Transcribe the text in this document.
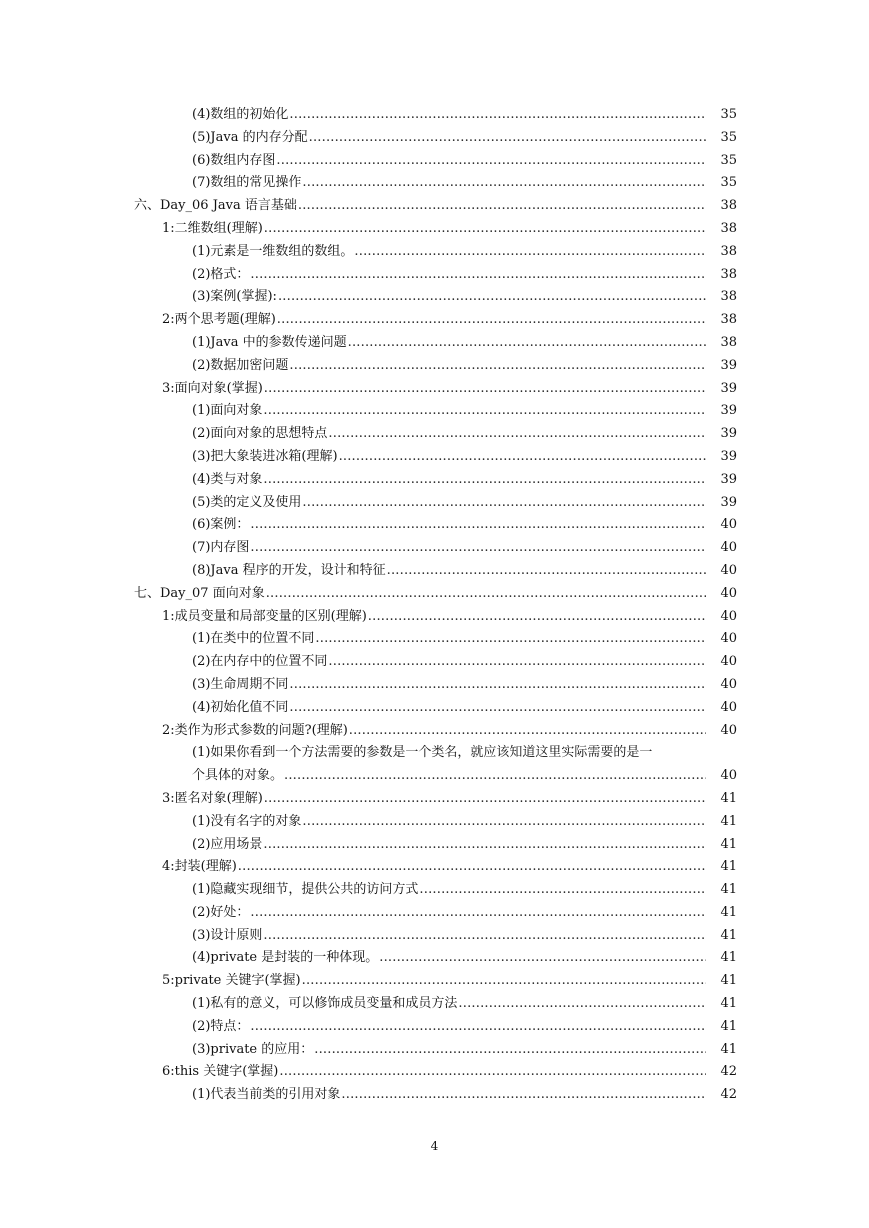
(4)数组的初始化 .....	35
(5)Java 的内存分配 .....	35
(6)数组内存图 .....	35
(7)数组的常见操作 .....	35
六、Day_06 Java 语言基础 .....	38
1:二维数组(理解) .....	38
(1)元素是一维数组的数组。 .....	38
(2)格式： .....	38
(3)案例(掌握): .....	38
2:两个思考题(理解) .....	38
(1)Java 中的参数传递问题 .....	38
(2)数据加密问题 .....	39
3:面向对象(掌握) .....	39
(1)面向对象 .....	39
(2)面向对象的思想特点 .....	39
(3)把大象装进冰箱(理解) .....	39
(4)类与对象 .....	39
(5)类的定义及使用 .....	39
(6)案例： .....	40
(7)内存图 .....	40
(8)Java 程序的开发，设计和特征 .....	40
七、Day_07 面向对象 .....	40
1:成员变量和局部变量的区别(理解) .....	40
(1)在类中的位置不同 .....	40
(2)在内存中的位置不同 .....	40
(3)生命周期不同 .....	40
(4)初始化值不同 .....	40
2:类作为形式参数的问题?(理解) .....	40
(1)如果你看到一个方法需要的参数是一个类名，就应该知道这里实际需要的是一
个具体的对象。 .....	40
3:匿名对象(理解) .....	41
(1)没有名字的对象 .....	41
(2)应用场景 .....	41
4:封装(理解) .....	41
(1)隐藏实现细节，提供公共的访问方式 .....	41
(2)好处： .....	41
(3)设计原则 .....	41
(4)private 是封装的一种体现。 .....	41
5:private 关键字(掌握) .....	41
(1)私有的意义，可以修饰成员变量和成员方法 .....	41
(2)特点： .....	41
(3)private 的应用： .....	41
6:this 关键字(掌握) .....	42
(1)代表当前类的引用对象 .....	42
4
